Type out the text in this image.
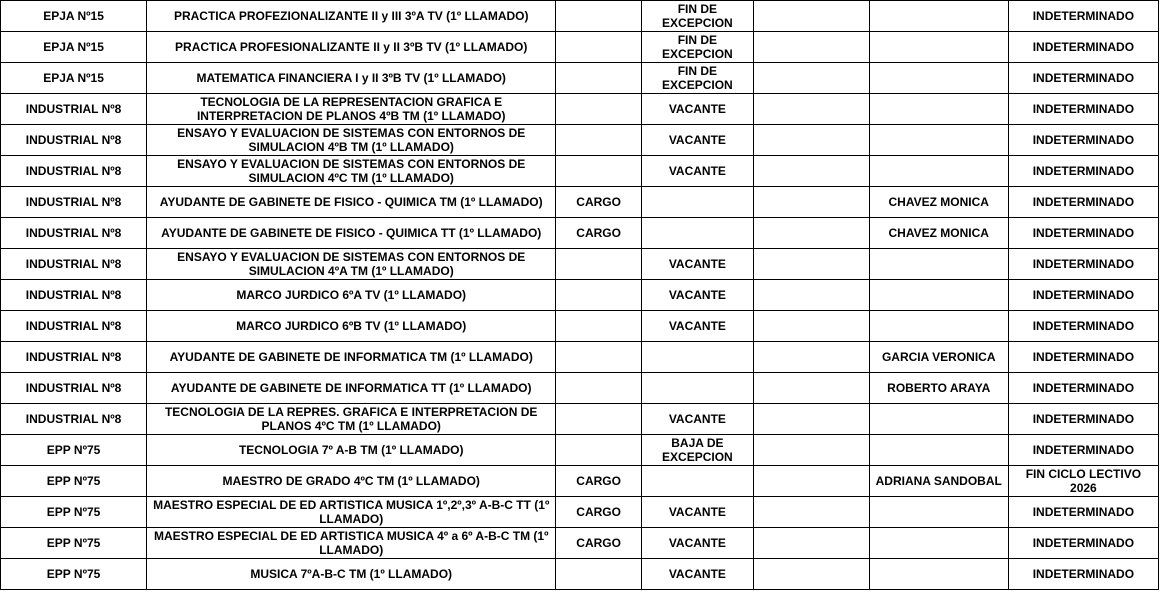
EPJA Nº15	PRACTICA PROFEZIONALIZANTE II y III 3ºA TV (1º LLAMADO)		FIN DE EXCEPCION			INDETERMINADO
EPJA Nº15	PRACTICA PROFESIONALIZANTE II y II 3ºB TV (1º LLAMADO)		FIN DE EXCEPCION			INDETERMINADO
EPJA Nº15	MATEMATICA FINANCIERA I y II 3ºB TV (1º LLAMADO)		FIN DE EXCEPCION			INDETERMINADO
INDUSTRIAL Nº8	TECNOLOGIA DE LA REPRESENTACION GRAFICA E INTERPRETACION DE PLANOS 4ºB TM (1º LLAMADO)		VACANTE			INDETERMINADO
INDUSTRIAL Nº8	ENSAYO Y EVALUACION DE SISTEMAS CON ENTORNOS DE SIMULACION 4ºB TM (1º LLAMADO)		VACANTE			INDETERMINADO
INDUSTRIAL Nº8	ENSAYO Y EVALUACION DE SISTEMAS CON ENTORNOS DE SIMULACION 4ºC TM (1º LLAMADO)		VACANTE			INDETERMINADO
INDUSTRIAL Nº8	AYUDANTE DE GABINETE DE FISICO - QUIMICA TM (1º LLAMADO)	CARGO			CHAVEZ MONICA	INDETERMINADO
INDUSTRIAL Nº8	AYUDANTE DE GABINETE DE FISICO - QUIMICA TT (1º LLAMADO)	CARGO			CHAVEZ MONICA	INDETERMINADO
INDUSTRIAL Nº8	ENSAYO Y EVALUACION DE SISTEMAS CON ENTORNOS DE SIMULACION 4ºA TM (1º LLAMADO)		VACANTE			INDETERMINADO
INDUSTRIAL Nº8	MARCO JURDICO 6ºA TV (1º LLAMADO)		VACANTE			INDETERMINADO
INDUSTRIAL Nº8	MARCO JURDICO 6ºB TV (1º LLAMADO)		VACANTE			INDETERMINADO
INDUSTRIAL Nº8	AYUDANTE DE GABINETE DE INFORMATICA TM (1º LLAMADO)				GARCIA VERONICA	INDETERMINADO
INDUSTRIAL Nº8	AYUDANTE DE GABINETE DE INFORMATICA TT (1º LLAMADO)				ROBERTO ARAYA	INDETERMINADO
INDUSTRIAL Nº8	TECNOLOGIA DE LA REPRES. GRAFICA E INTERPRETACION DE PLANOS 4ºC TM (1º LLAMADO)		VACANTE			INDETERMINADO
EPP Nº75	TECNOLOGIA 7º A-B TM (1º LLAMADO)		BAJA DE EXCEPCION			INDETERMINADO
EPP Nº75	MAESTRO DE GRADO 4ºC TM (1º LLAMADO)	CARGO			ADRIANA SANDOBAL	FIN CICLO LECTIVO 2026
EPP Nº75	MAESTRO ESPECIAL DE ED ARTISTICA MUSICA 1º,2º,3º A-B-C TT (1º LLAMADO)	CARGO	VACANTE			INDETERMINADO
EPP Nº75	MAESTRO ESPECIAL DE ED ARTISTICA MUSICA 4º a 6º A-B-C TM (1º LLAMADO)	CARGO	VACANTE			INDETERMINADO
EPP Nº75	MUSICA 7ºA-B-C TM (1º LLAMADO)		VACANTE			INDETERMINADO
